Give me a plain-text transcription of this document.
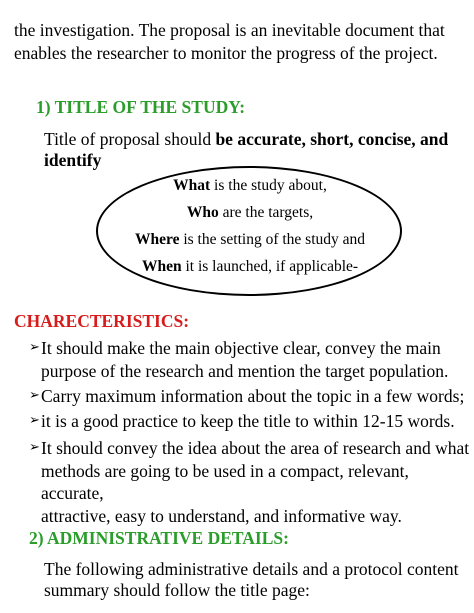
the investigation. The proposal is an inevitable document that
enables the researcher to monitor the progress of the project.
1) TITLE OF THE STUDY:
Title of proposal should be accurate, short, concise, and
identify
What is the study about,
Who are the targets,
Where is the setting of the study and
When it is launched, if applicable-
CHARECTERISTICS:
➢ It should make the main objective clear, convey the main
purpose of the research and mention the target population.
➢ Carry maximum information about the topic in a few words;
➢ it is a good practice to keep the title to within 12-15 words.
➢ It should convey the idea about the area of research and what
methods are going to be used in a compact, relevant, accurate,
attractive, easy to understand, and informative way.
2) ADMINISTRATIVE DETAILS:
The following administrative details and a protocol content
summary should follow the title page:
